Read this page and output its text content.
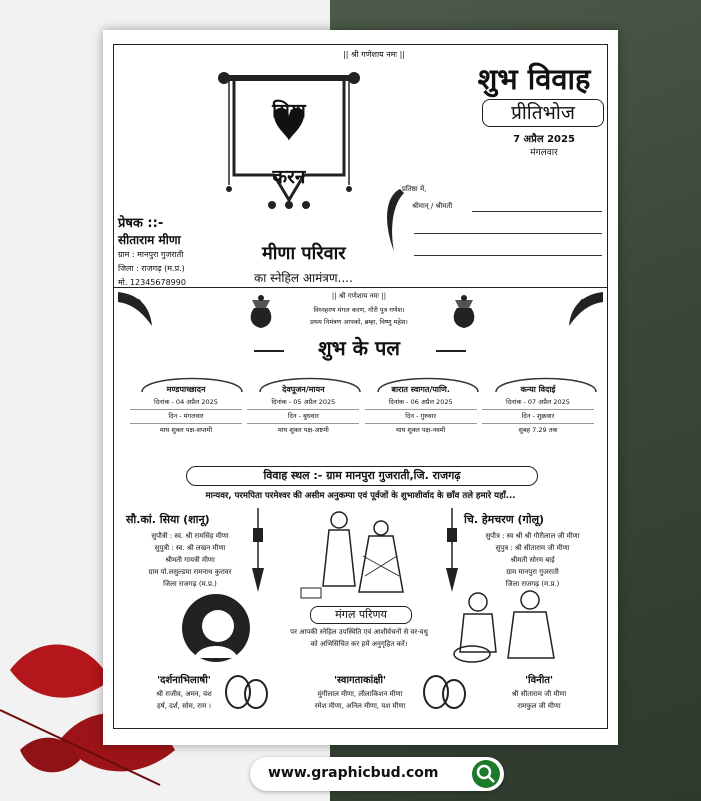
|| श्री गणेशाय नमः ||
सिया
स क
करन
शुभ विवाह
प्रीतिभोज
7 अप्रैल 2025
मंगलवार
प्रतिष्ठा में,
श्रीमान् / श्रीमती
प्रेषक ::-
सीताराम मीणा
ग्राम : मानपुरा गुजराती
जिला : राजगढ़ (म.प्र.)
मो. 12345678990
मीणा परिवार
का स्नेहिल आमंत्रण....
|| श्री गणेशाय नमः ||
विध्नहरण मंगल करण, गौरी पुत्र गणेश।
प्रथम निमंत्रण आपको, ब्रम्हा, विष्णु महेश।
शुभ के पल
मण्डपाच्छादन
दिनांक - 04 अप्रैल 2025
दिन - मंगलवार
माघ शुक्ल पक्ष-सप्तमी
देवपूजन/मायन
दिनांक - 05 अप्रैल 2025
दिन - बुधवार
माघ शुक्ल पक्ष-अष्टमी
बारात स्वागत/पाणि.
दिनांक - 06 अप्रैल 2025
दिन - गुरुवार
माघ शुक्ल पक्ष-नवमी
कन्या विदाई
दिनांक - 07 अप्रैल 2025
दिन - शुक्रवार
सुबह 7.29 तक
विवाह स्थल :- ग्राम मानपुरा गुजराती,जि. राजगढ़
मान्यवर, परमपिता परमेश्वर की असीम अनुकम्पा एवं पूर्वजों के शुभाशीर्वाद के छाँव तले हमारे यहाँ...
सौ.कां. सिया (शानू)
सुपौत्री : स्व. श्री रामसिंह मीणा
सुपुत्री : स्व. श्री लखन मीणा
श्रीमती गायत्री मीणा
ग्राम पो.लसुल्डया रामनाथ कुरावर
जिला राजगढ़ (म.प्र.)
चि. हेमचरण (गोलू)
सुपौत्र : स्व श्री श्री गौरीलाल जी मीणा
सुपुत्र : श्री सीताराम जी मीणा
श्रीमती सोरम बाई
ग्राम मानपुरा गुजराती
जिला राजगढ़ (म.प्र.)
मंगल परिणय
पर आपकी स्नेहिल उपस्थिति एवं आशीर्वचनों से वर-वधु
को अभिसिंचित कर हमें अनुगृहित करें।
'दर्शनाभिलाषी'
श्री राजीव, अमन, वंश
हर्ष, दर्श, सोम, राम ।
'स्वागताकांक्षी'
मुंगीलाल मीणा, लीलाकिशन मीणा
रमेश मीणा, अनिल मीणा, यश मीणा
'विनीत'
श्री सीताराम जी मीणा
रामफुल जी मीणा
www.graphicbud.com
